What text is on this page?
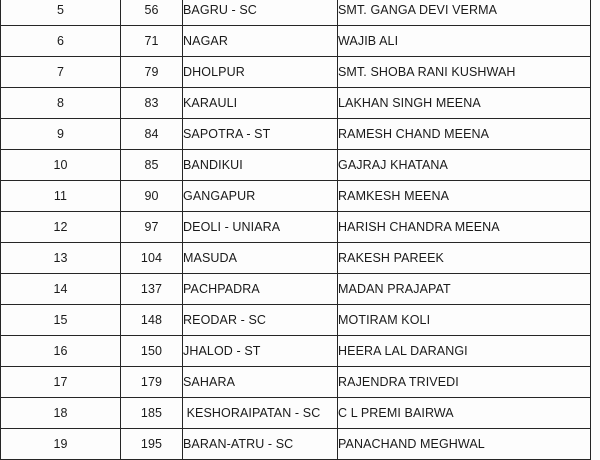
5	56	BAGRU - SC	SMT. GANGA DEVI VERMA
6	71	NAGAR	WAJIB ALI
7	79	DHOLPUR	SMT. SHOBA RANI KUSHWAH
8	83	KARAULI	LAKHAN SINGH MEENA
9	84	SAPOTRA - ST	RAMESH CHAND MEENA
10	85	BANDIKUI	GAJRAJ KHATANA
11	90	GANGAPUR	RAMKESH MEENA
12	97	DEOLI - UNIARA	HARISH CHANDRA MEENA
13	104	MASUDA	RAKESH PAREEK
14	137	PACHPADRA	MADAN PRAJAPAT
15	148	REODAR - SC	MOTIRAM KOLI
16	150	JHALOD - ST	HEERA LAL DARANGI
17	179	SAHARA	RAJENDRA TRIVEDI
18	185	KESHORAIPATAN - SC	C L PREMI BAIRWA
19	195	BARAN-ATRU - SC	PANACHAND MEGHWAL
